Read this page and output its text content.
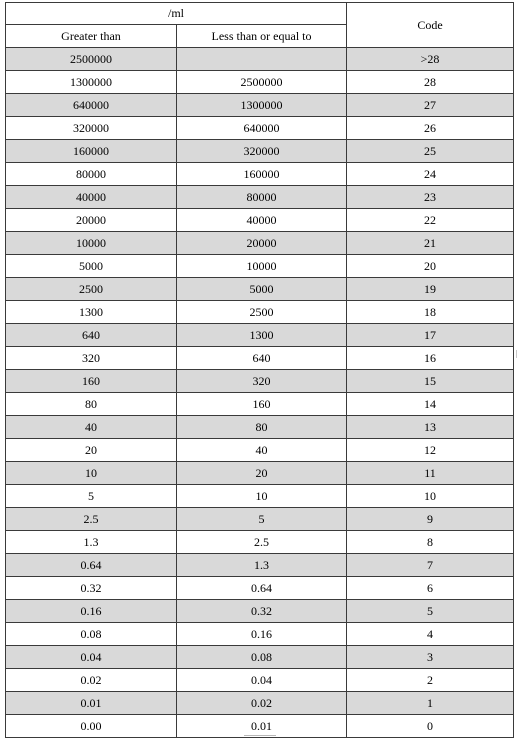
/ml		Code
Greater than	Less than or equal to	
2500000		>28
1300000	2500000	28
640000	1300000	27
320000	640000	26
160000	320000	25
80000	160000	24
40000	80000	23
20000	40000	22
10000	20000	21
5000	10000	20
2500	5000	19
1300	2500	18
640	1300	17
320	640	16
160	320	15
80	160	14
40	80	13
20	40	12
10	20	11
5	10	10
2.5	5	9
1.3	2.5	8
0.64	1.3	7
0.32	0.64	6
0.16	0.32	5
0.08	0.16	4
0.04	0.08	3
0.02	0.04	2
0.01	0.02	1
0.00	0.01	0
